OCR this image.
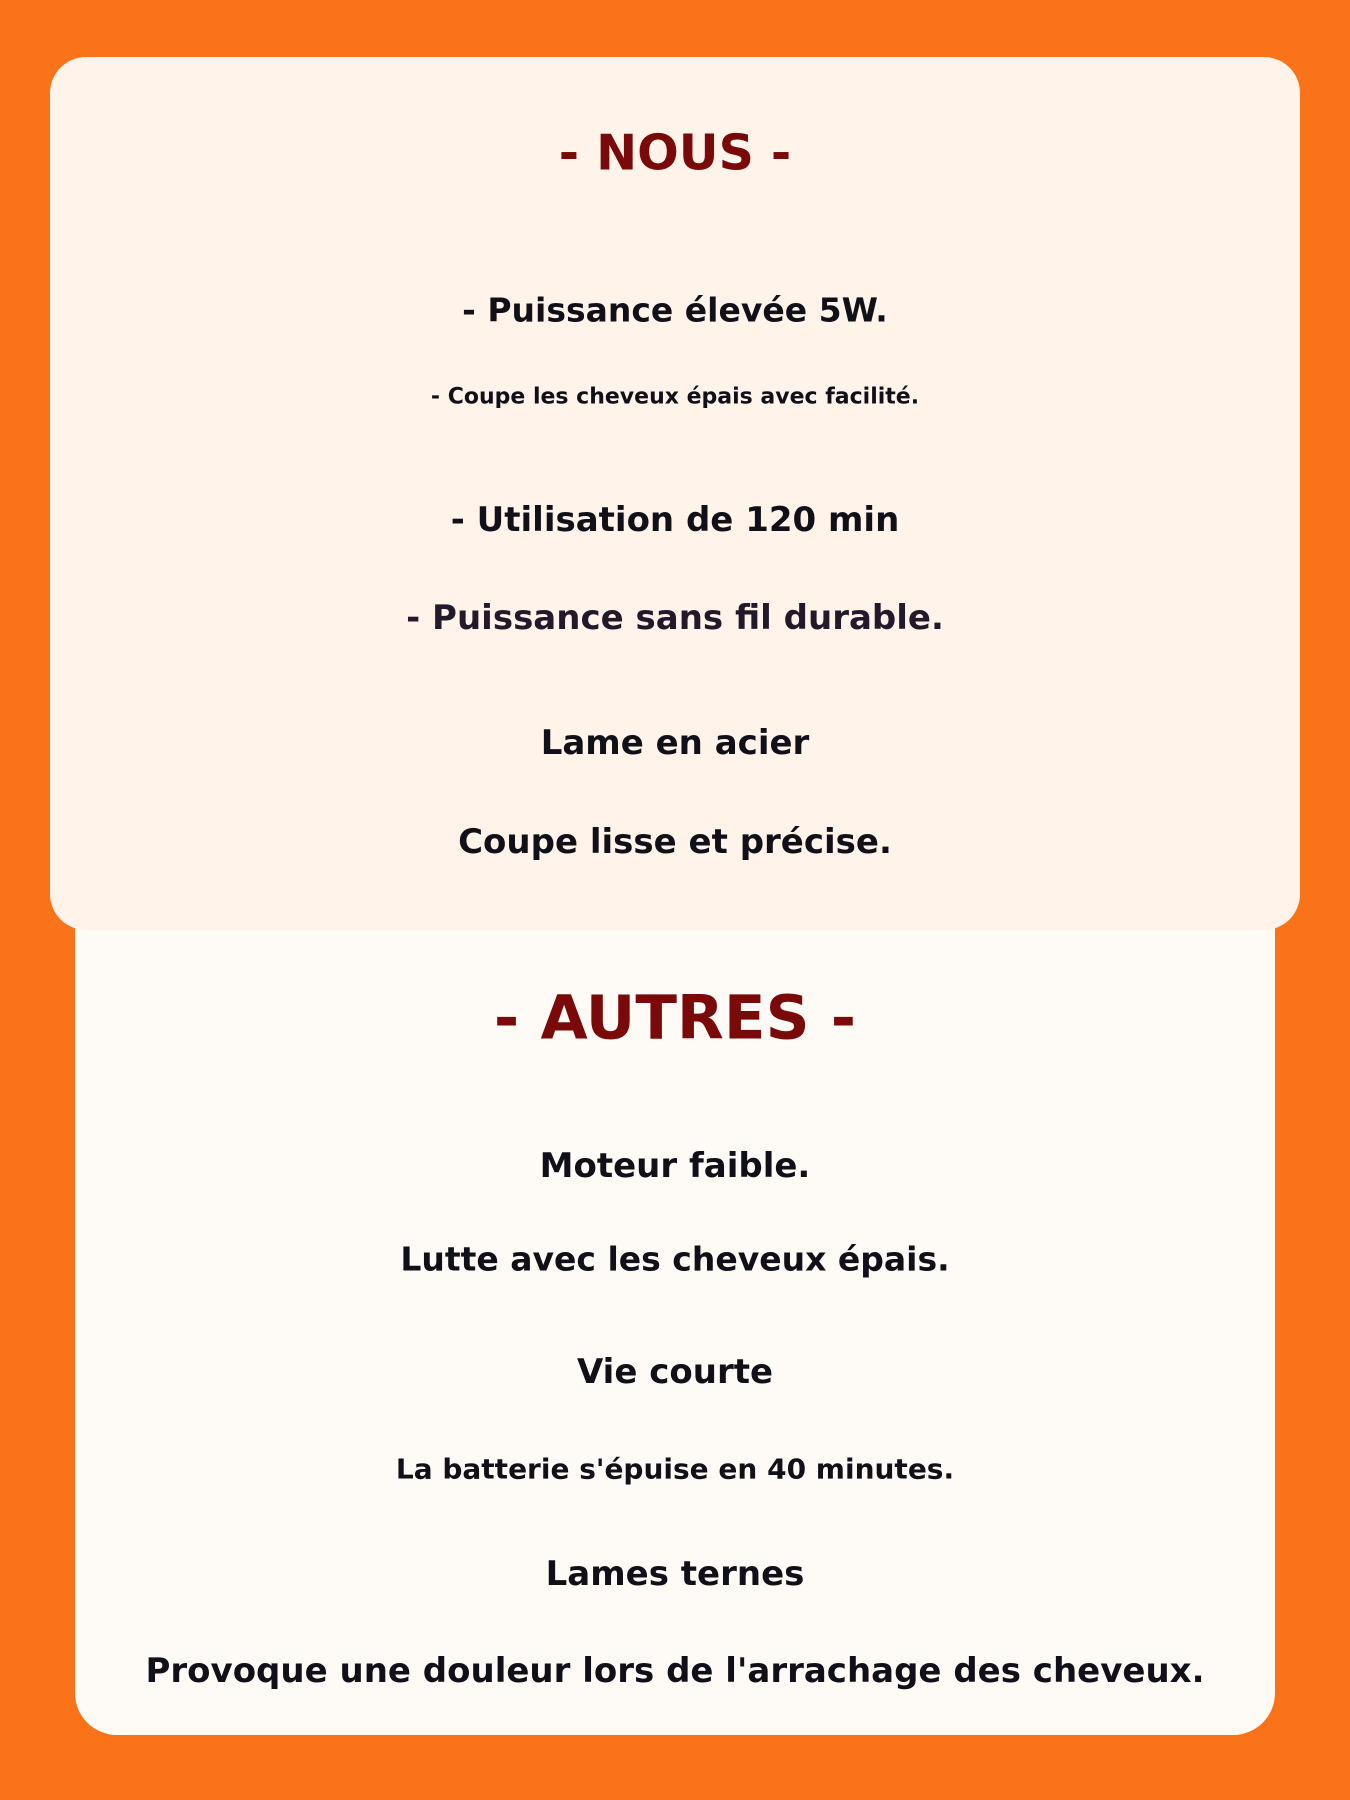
- NOUS -
- Puissance élevée 5W.
- Coupe les cheveux épais avec facilité.
- Utilisation de 120 min
- Puissance sans fil durable.
Lame en acier
Coupe lisse et précise.
- AUTRES -
Moteur faible.
Lutte avec les cheveux épais.
Vie courte
La batterie s'épuise en 40 minutes.
Lames ternes
Provoque une douleur lors de l'arrachage des cheveux.
